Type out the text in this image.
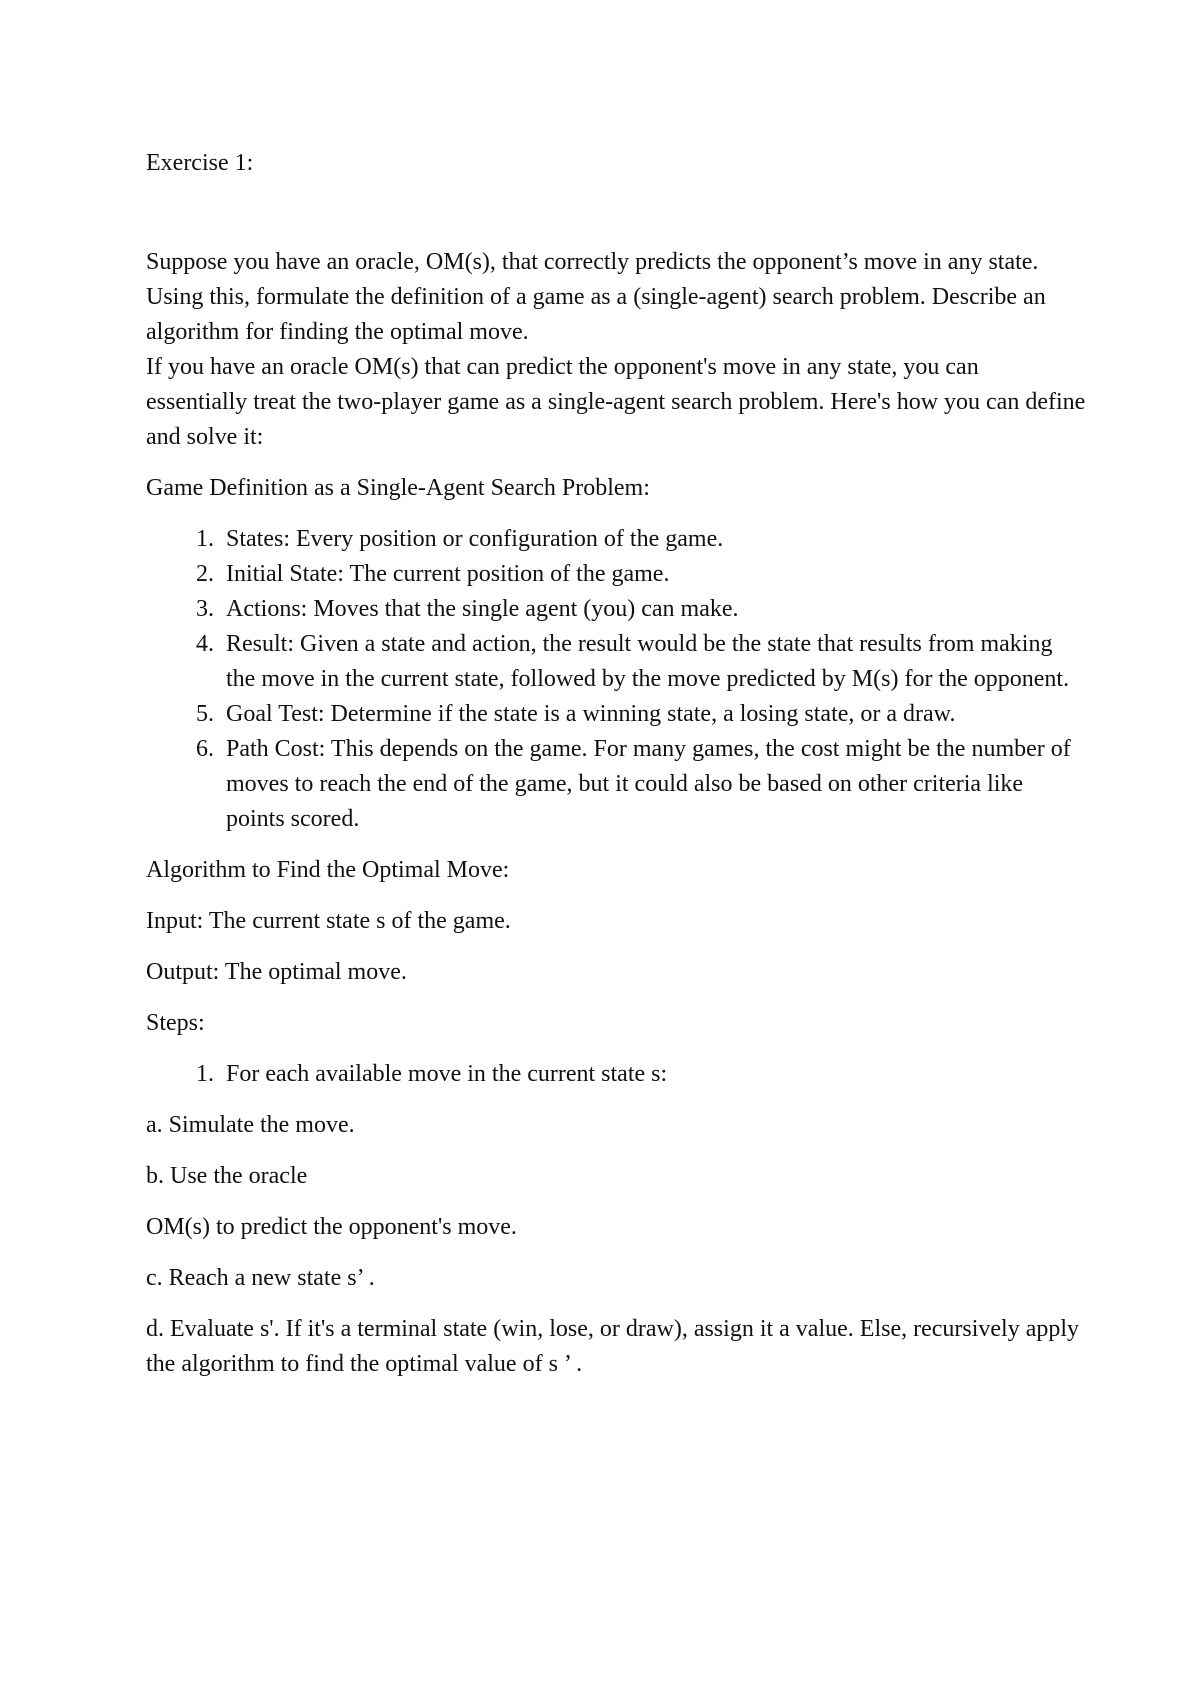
Exercise 1:

Suppose you have an oracle, OM(s), that correctly predicts the opponent’s move in any state. Using this, formulate the definition of a game as a (single-agent) search problem. Describe an algorithm for finding the optimal move.

If you have an oracle OM(s) that can predict the opponent's move in any state, you can essentially treat the two-player game as a single-agent search problem. Here's how you can define and solve it:

Game Definition as a Single-Agent Search Problem:

1. States: Every position or configuration of the game.
2. Initial State: The current position of the game.
3. Actions: Moves that the single agent (you) can make.
4. Result: Given a state and action, the result would be the state that results from making the move in the current state, followed by the move predicted by M(s) for the opponent.
5. Goal Test: Determine if the state is a winning state, a losing state, or a draw.
6. Path Cost: This depends on the game. For many games, the cost might be the number of moves to reach the end of the game, but it could also be based on other criteria like points scored.

Algorithm to Find the Optimal Move:

Input: The current state s of the game.

Output: The optimal move.

Steps:

1. For each available move in the current state s:

a. Simulate the move.

b. Use the oracle

OM(s) to predict the opponent's move.

c. Reach a new state s’ .

d. Evaluate s'. If it's a terminal state (win, lose, or draw), assign it a value. Else, recursively apply the algorithm to find the optimal value of s ’ .
